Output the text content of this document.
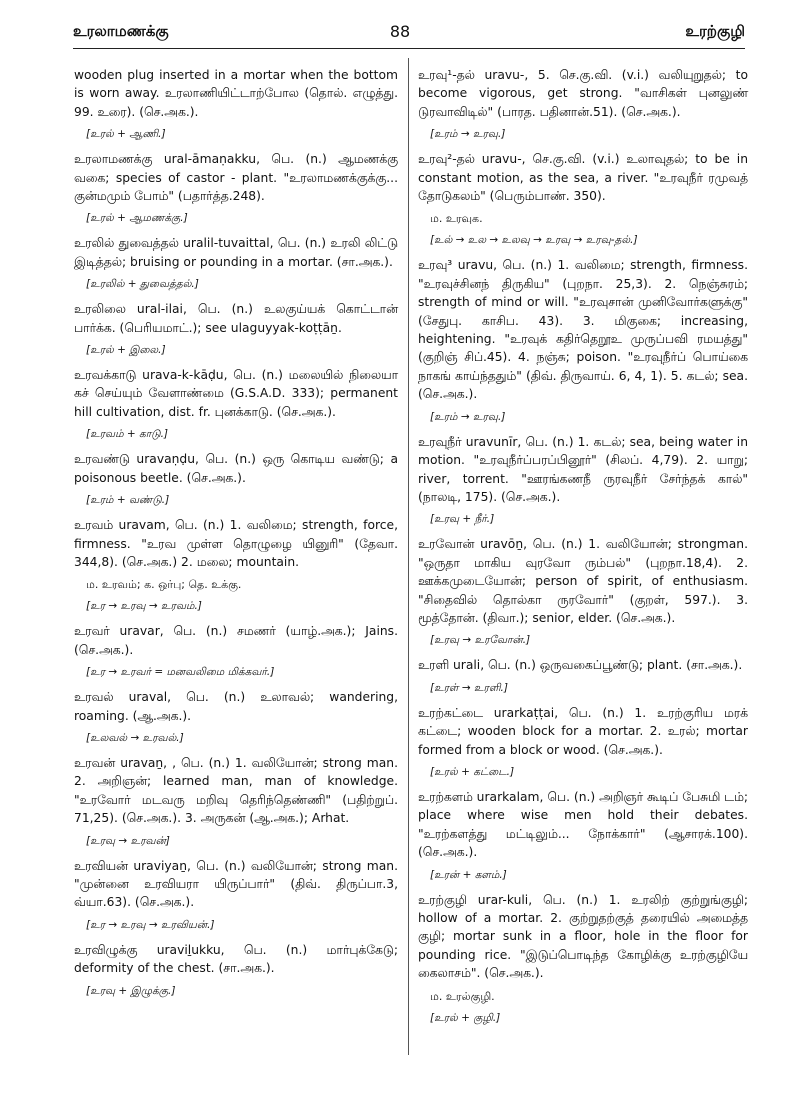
உரலாமணக்கு	88	உரற்குழி

wooden plug inserted in a mortar when the bottom is worn away. உரலாணியிட்டாற்போல (தொல். எழுத்து. 99. உரை). (செ.அக.).

[உரல் + ஆணி.]

உரலாமணக்கு ural-āmaṇakku, பெ. (n.) ஆமணக்கு வகை; species of castor - plant. "உரலாமணக்குக்கு... குன்மமும் போம்" (பதார்த்த.248).

[உரல் + ஆமணக்கு.]

உரலில் துவைத்தல் uralil-tuvaittal, பெ. (n.) உரலி லிட்டு இடித்தல்; bruising or pounding in a mortar. (சா.அக.).

[உரலில் + துவைத்தல்.]

உரலிலை ural-ilai, பெ. (n.) உலகுய்யக் கொட்டான் பார்க்க. (பெரியமாட்.); see ulaguyyak-koṭṭāṉ.

[உரல் + இலை.]

உரவக்காடு urava-k-kāḍu, பெ. (n.) மலையில் நிலையா கச் செய்யும் வேளாண்மை (G.S.A.D. 333); permanent hill cultivation, dist. fr. புனக்காடு. (செ.அக.).

[உரவம் + காடு.]

உரவண்டு uravaṇḍu, பெ. (n.) ஒரு கொடிய வண்டு; a poisonous beetle. (செ.அக.).

[உரம் + வண்டு.]

உரவம் uravam, பெ. (n.) 1. வலிமை; strength, force, firmness. "உரவ முள்ள தொழுழை யினுரி" (தேவா. 344,8). (செ.அக.) 2. மலை; mountain.

ம. உரவம்; க. ஒர்பு; தெ. உக்கு.

[உர → உரவு → உரவம்.]

உரவர் uravar, பெ. (n.) சமணர் (யாழ்.அக.); Jains. (செ.அக.).

[உர → உரவர் = மனவலிமை மிக்கவர்.]

உரவல் uraval, பெ. (n.) உலாவல்; wandering, roaming. (ஆ.அக.).

[உலவல் → உரவல்.]

உரவன் uravaṉ, , பெ. (n.) 1. வலியோன்; strong man. 2. அறிஞன்; learned man, man of knowledge. "உரவோர் மடவரு மறிவு தெரிந்தெண்ணி" (பதிற்றுப். 71,25). (செ.அக.). 3. அருகன் (ஆ.அக.); Arhat.

[உரவு → உரவன்]

உரவியன் uraviyaṉ, பெ. (n.) வலியோன்; strong man. "முன்னை உரவியரா யிருப்பார்" (திவ். திருப்பா.3, வ்யா.63). (செ.அக.).

[உர → உரவு → உரவியன்.]

உரவிழுக்கு uraviḻukku, பெ. (n.) மார்புக்கேடு; deformity of the chest. (சா.அக.).

[உரவு + இழுக்கு.]

உரவு¹-தல் uravu-, 5. செ.கு.வி. (v.i.) வலியுறுதல்; to become vigorous, get strong. "வாசிகள் புனலுண் டுரவாவிடில்" (பாரத. பதினான்.51). (செ.அக.).

[உரம் → உரவு.]

உரவு²-தல் uravu-, செ.கு.வி. (v.i.) உலாவுதல்; to be in constant motion, as the sea, a river. "உரவுநீர் ரமுவத் தோடுகலம்" (பெரும்பாண். 350).

ம. உரவுக.

[உல் → உல → உலவு → உரவு → உரவு-தல்.]

உரவு³ uravu, பெ. (n.) 1. வலிமை; strength, firmness. "உரவுச்சினந் திருகிய" (புறநா. 25,3). 2. நெஞ்சுரம்; strength of mind or will. "உரவுசான் முனிவோர்களுக்கு" (சேதுபு. காசிப. 43). 3. மிகுகை; increasing, heightening. "உரவுக் கதிர்தெறூஉ முருப்பவி ரமயத்து" (குறிஞ் சிப்.45). 4. நஞ்சு; poison. "உரவுநீர்ப் பொய்கை நாகங் காய்ந்ததும்" (திவ். திருவாய். 6, 4, 1). 5. கடல்; sea. (செ.அக.).

[உரம் → உரவு.]

உரவுநீர் uravunīr, பெ. (n.) 1. கடல்; sea, being water in motion. "உரவுநீர்ப்பரப்பினூர்" (சிலப். 4,79). 2. யாறு; river, torrent. "ஊரங்கணநீ ருரவுநீர் சேர்ந்தக் கால்" (நாலடி, 175). (செ.அக.).

[உரவு + நீர்.]

உரவோன் uravōṉ, பெ. (n.) 1. வலியோன்; strongman. "ஒருதா மாகிய வுரவோ ரும்பல்" (புறநா.18,4). 2. ஊக்கமுடையோன்; person of spirit, of enthusiasm. "சிதைவில் தொல்கா ருரவோர்" (குறள், 597.). 3. மூத்தோன். (திவா.); senior, elder. (செ.அக.).

[உரவு → உரவோன்.]

உரளி urali, பெ. (n.) ஒருவகைப்பூண்டு; plant. (சா.அக.).

[உரள் → உரளி.]

உரற்கட்டை urarkaṭṭai, பெ. (n.) 1. உரற்குரிய மரக் கட்டை; wooden block for a mortar. 2. உரல்; mortar formed from a block or wood. (செ.அக.).

[உரல் + கட்டை.]

உரற்களம் urarkalam, பெ. (n.) அறிஞர் கூடிப் பேசுமி டம்; place where wise men hold their debates. "உரற்களத்து மட்டிலும்... நோக்கார்" (ஆசாரக்.100). (செ.அக.).

[உரன் + களம்.]

உரற்குழி urar-kuli, பெ. (n.) 1. உரலிற் குற்றுங்குழி; hollow of a mortar. 2. குற்றுதற்குத் தரையில் அமைத்த குழி; mortar sunk in a floor, hole in the floor for pounding rice. "இடுப்பொடிந்த கோழிக்கு உரற்குழியே கைலாசம்". (செ.அக.).

ம. உரல்குழி.

[உரல் + குழி.]
